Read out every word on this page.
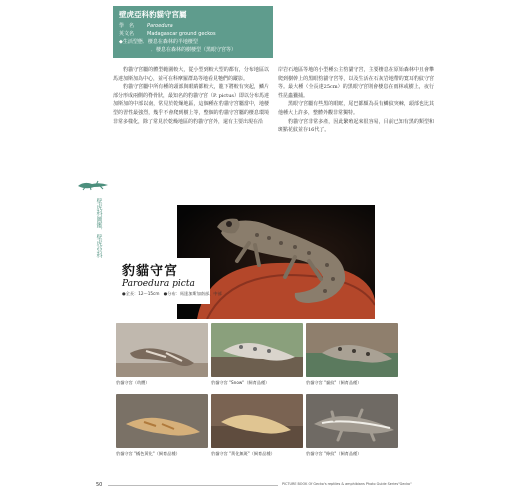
壁虎亞科豹貓守宮屬
學　名	Paroedura
英文名	Madagascar ground geckos
◆生活型態．棲息在森林的半地棲型
．棲息在森林的樹棲型（黑眼守宮等）

豹貓守宮屬的體型範圍較大，從小型到較大型的都有，分布地區以馬達加斯加為中心，並可在科摩羅群島等地看見牠們的蹤影。

豹貓守宮屬中所有種的頭部與眼睛都較大，龍下將較有突起，鱗片部分形成兩側的脊骨狀，最知名的豹貓守宮（P. pictus）即以分布馬達加斯加的中部以南，常見於乾燥地區，這個種在豹貓守宮屬當中，地棲型的習性最強烈，幾乎不會爬到樹上等，整個的豹貓守宮屬的棲息環境非常多樣化，除了常見於乾燥地區的豹貓守宮外，還有主要出現在沿

岸岩石地區等地的小型種公主豹貓守宮，主要棲息在原始森林中且會攀爬到樹幹上的黑眼豹貓守宮等，以及生活在石灰岩地帶的寬耳豹紋守宮等。最大種（全長達25cm）的黑眼守宮則會棲息在雨林或樹上，夜行性昆蟲獵捕。

黑眼守宮屬有些黑的眼眶，尾巴都頗為長有鱗紋突棘，頭部也比其他種大上許多，整體外觀非常獨特。

豹貓守宮非常多產，因此繁殖起來很容易，目前已知有黑的類型和斑點花紋並存16代了。

壁虎科圖鑑．壁虎亞科
豹貓守宮
Paroedura picta
●全長：12～15cm　●分布：馬達加斯加南部、中部
豹貓守宮（幼體）	豹貓守宮 "Snow"（飼育品種）	豹貓守宮 "貓紋"（飼育品種）
豹貓守宮 "橘色黃化"（飼育品種）	豹貓守宮 "黃化無斑"（飼育品種）	豹貓守宮 "條紋"（飼育品種）
50	PICTURE BOOK Of Gecko's reptiles & amphibians Photo Guide Series"Gecko"
